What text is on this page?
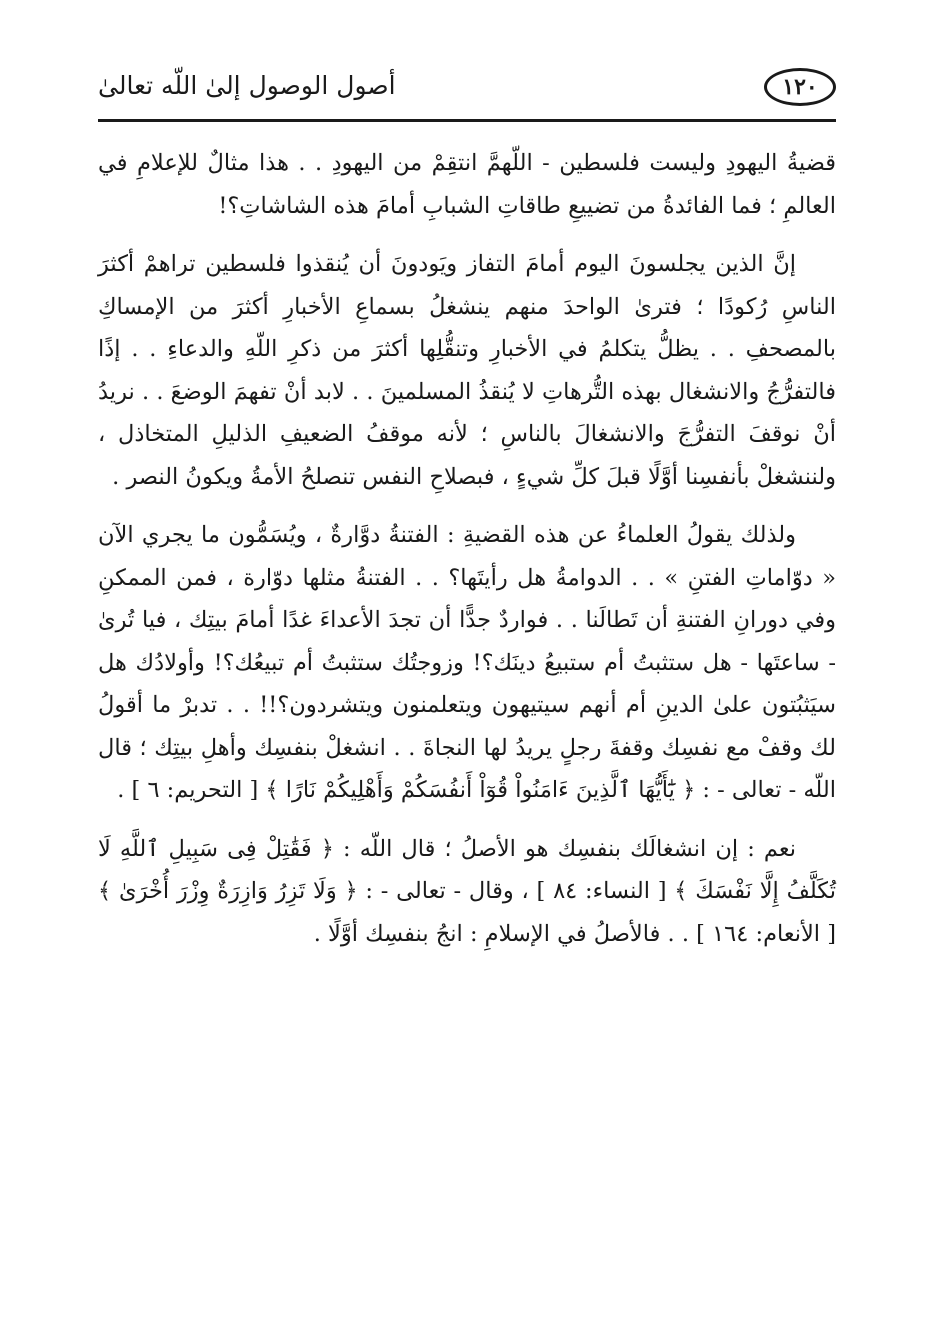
١٢٠
أصول الوصول إلىٰ اللّه تعالىٰ

قضيةُ اليهودِ وليست فلسطين - اللّهمَّ انتقِمْ من اليهودِ . . هذا مثالٌ للإعلامِ في العالمِ ؛ فما الفائدةُ من تضييعِ طاقاتِ الشبابِ أمامَ هذه الشاشاتِ؟!

إنَّ الذين يجلسونَ اليوم أمامَ التفاز ويَودونَ أن يُنقذوا فلسطين تراهمْ أكثرَ الناسِ رُكودًا ؛ فترىٰ الواحدَ منهم ينشغلُ بسماعِ الأخبارِ أكثرَ من الإمساكِ بالمصحفِ . . يظلُّ يتكلمُ في الأخبارِ وتنقُّلِها أكثرَ من ذكرِ اللّهِ والدعاءِ . . إذًا فالتفرُّجُ والانشغال بهذه التُّرهاتِ لا يُنقذُ المسلمينَ . . لابد أنْ تفهمَ الوضعَ . . نريدُ أنْ نوقفَ التفرُّجَ والانشغالَ بالناسِ ؛ لأنه موقفُ الضعيفِ الذليلِ المتخاذل ، ولننشغلْ بأنفسِنا أوَّلًا قبلَ كلِّ شيءٍ ، فبصلاحِ النفس تنصلحُ الأمةُ ويكونُ النصر .

ولذلك يقولُ العلماءُ عن هذه القضيةِ : الفتنةُ دوَّارةٌ ، ويُسَمُّون ما يجري الآن « دوّاماتِ الفتنِ » . . الدوامةُ هل رأيتَها؟ . . الفتنةُ مثلها دوّارة ، فمن الممكنِ وفي دورانِ الفتنةِ أن تَطالَنا . . فواردٌ جدًّا أن تجدَ الأعداءَ غدًا أمامَ بيتِك ، فيا تُرىٰ - ساعتَها - هل ستثبتُ أم ستبيعُ دينَك؟! وزوجتُك ستثبتُ أم تبيعُك؟! وأولادُك هل سيَثبُتون علىٰ الدينِ أم أنهم سيتيهون ويتعلمنون ويتشردون؟!! . . تدبرْ ما أقولُ لك وقفْ مع نفسِك وقفةَ رجلٍ يريدُ لها النجاةَ . . انشغلْ بنفسِك وأهلِ بيتِك ؛ قال اللّه - تعالى - : ﴿ يَٰٓأَيُّهَا ٱلَّذِينَ ءَامَنُواْ قُوٓاْ أَنفُسَكُمْ وَأَهْلِيكُمْ نَارًا ﴾ [ التحريم: ٦ ] .

نعم : إن انشغالَك بنفسِك هو الأصلُ ؛ قال اللّه : ﴿ فَقَٰتِلْ فِى سَبِيلِ ٱللَّهِ لَا تُكَلَّفُ إِلَّا نَفْسَكَ ﴾ [ النساء: ٨٤ ] ، وقال - تعالى - : ﴿ وَلَا تَزِرُ وَازِرَةٌ وِزْرَ أُخْرَىٰ ﴾ [ الأنعام: ١٦٤ ] . . فالأصلُ في الإسلامِ : انجُ بنفسِك أوَّلًا .
